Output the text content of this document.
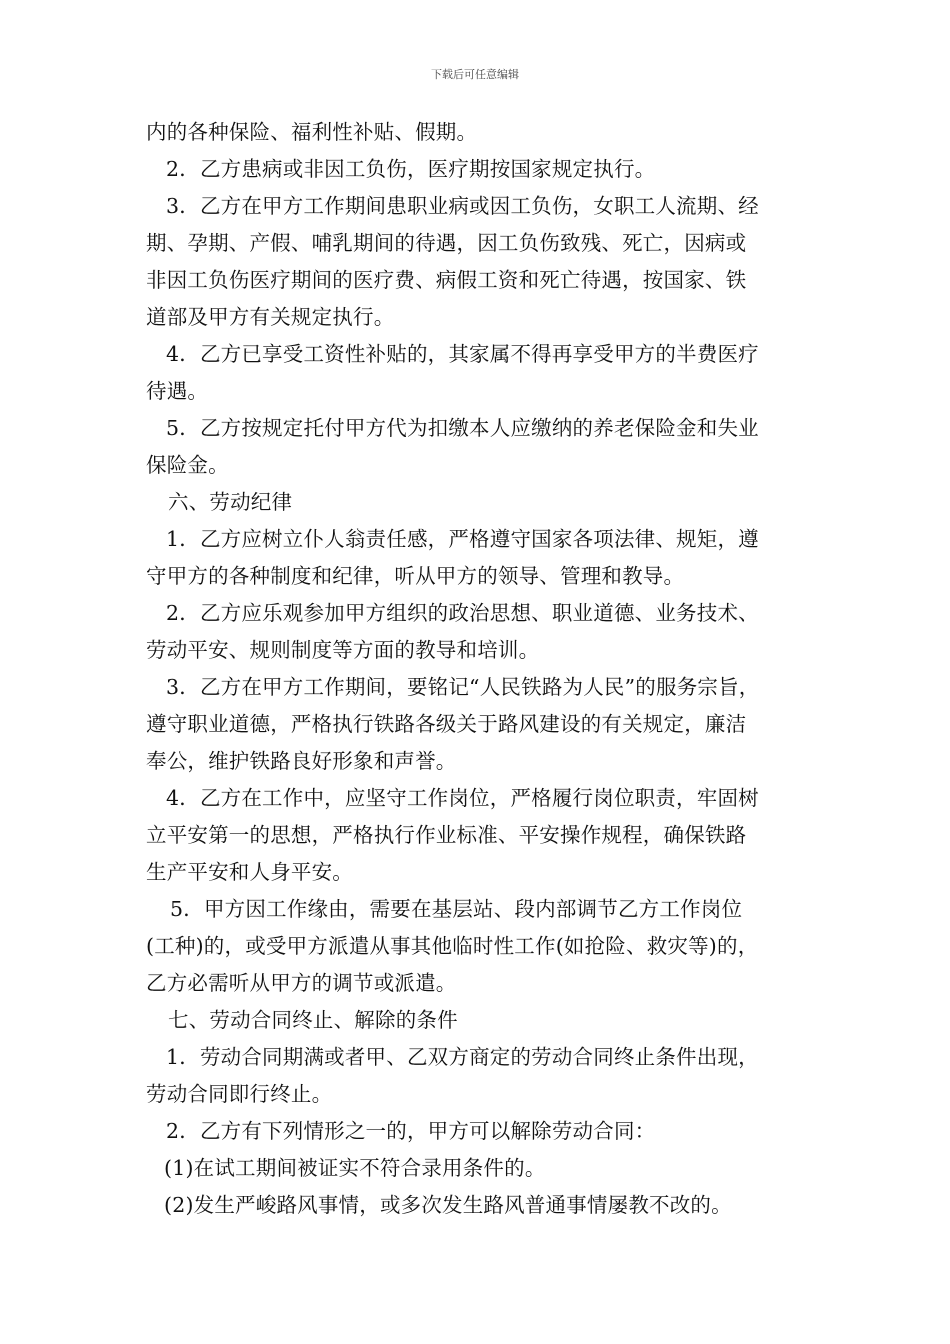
下载后可任意编辑
内的各种保险、福利性补贴、假期。
2．乙方患病或非因工负伤，医疗期按国家规定执行。
3．乙方在甲方工作期间患职业病或因工负伤，女职工人流期、经
期、孕期、产假、哺乳期间的待遇，因工负伤致残、死亡，因病或
非因工负伤医疗期间的医疗费、病假工资和死亡待遇，按国家、铁
道部及甲方有关规定执行。
4．乙方已享受工资性补贴的，其家属不得再享受甲方的半费医疗
待遇。
5．乙方按规定托付甲方代为扣缴本人应缴纳的养老保险金和失业
保险金。
六、劳动纪律
1．乙方应树立仆人翁责任感，严格遵守国家各项法律、规矩，遵
守甲方的各种制度和纪律，听从甲方的领导、管理和教导。
2．乙方应乐观参加甲方组织的政治思想、职业道德、业务技术、
劳动平安、规则制度等方面的教导和培训。
3．乙方在甲方工作期间，要铭记“人民铁路为人民”的服务宗旨，
遵守职业道德，严格执行铁路各级关于路风建设的有关规定，廉洁
奉公，维护铁路良好形象和声誉。
4．乙方在工作中，应坚守工作岗位，严格履行岗位职责，牢固树
立平安第一的思想，严格执行作业标准、平安操作规程，确保铁路
生产平安和人身平安。
5．甲方因工作缘由，需要在基层站、段内部调节乙方工作岗位
(工种)的，或受甲方派遣从事其他临时性工作(如抢险、救灾等)的，
乙方必需听从甲方的调节或派遣。
七、劳动合同终止、解除的条件
1．劳动合同期满或者甲、乙双方商定的劳动合同终止条件出现，
劳动合同即行终止。
2．乙方有下列情形之一的，甲方可以解除劳动合同：
(1)在试工期间被证实不符合录用条件的。
(2)发生严峻路风事情，或多次发生路风普通事情屡教不改的。
